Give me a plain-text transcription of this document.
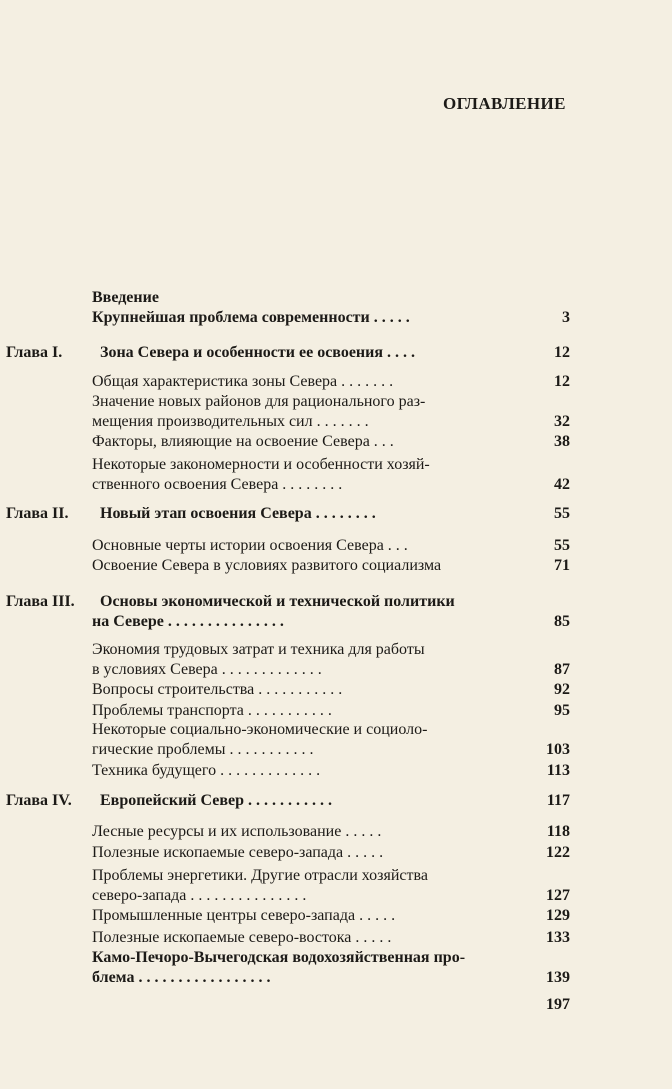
ОГЛАВЛЕНИЕ
Введение
Крупнейшая проблема современности . . . . .	3
Глава I. Зона Севера и особенности ее освоения . . . .	12
Общая характеристика зоны Севера . . . . . . .	12
Значение новых районов для рационального раз-
мещения производительных сил . . . . . . .	32
Факторы, влияющие на освоение Севера . . .	38
Некоторые закономерности и особенности хозяй-
ственного освоения Севера . . . . . . . .	42
Глава II. Новый этап освоения Севера . . . . . . . .	55
Основные черты истории освоения Севера . . .	55
Освоение Севера в условиях развитого социализма	71
Глава III. Основы экономической и технической политики
на Севере . . . . . . . . . . . . . . .	85
Экономия трудовых затрат и техника для работы
в условиях Севера . . . . . . . . . . . . .	87
Вопросы строительства . . . . . . . . . . .	92
Проблемы транспорта . . . . . . . . . . .	95
Некоторые социально-экономические и социоло-
гические проблемы . . . . . . . . . . .	103
Техника будущего . . . . . . . . . . . . .	113
Глава IV. Европейский Север . . . . . . . . . . .	117
Лесные ресурсы и их использование . . . . .	118
Полезные ископаемые северо-запада . . . . .	122
Проблемы энергетики. Другие отрасли хозяйства
северо-запада . . . . . . . . . . . . . . .	127
Промышленные центры северо-запада . . . . .	129
Полезные ископаемые северо-востока . . . . .	133
Камо-Печоро-Вычегодская водохозяйственная про-
блема . . . . . . . . . . . . . . . . .	139
197
